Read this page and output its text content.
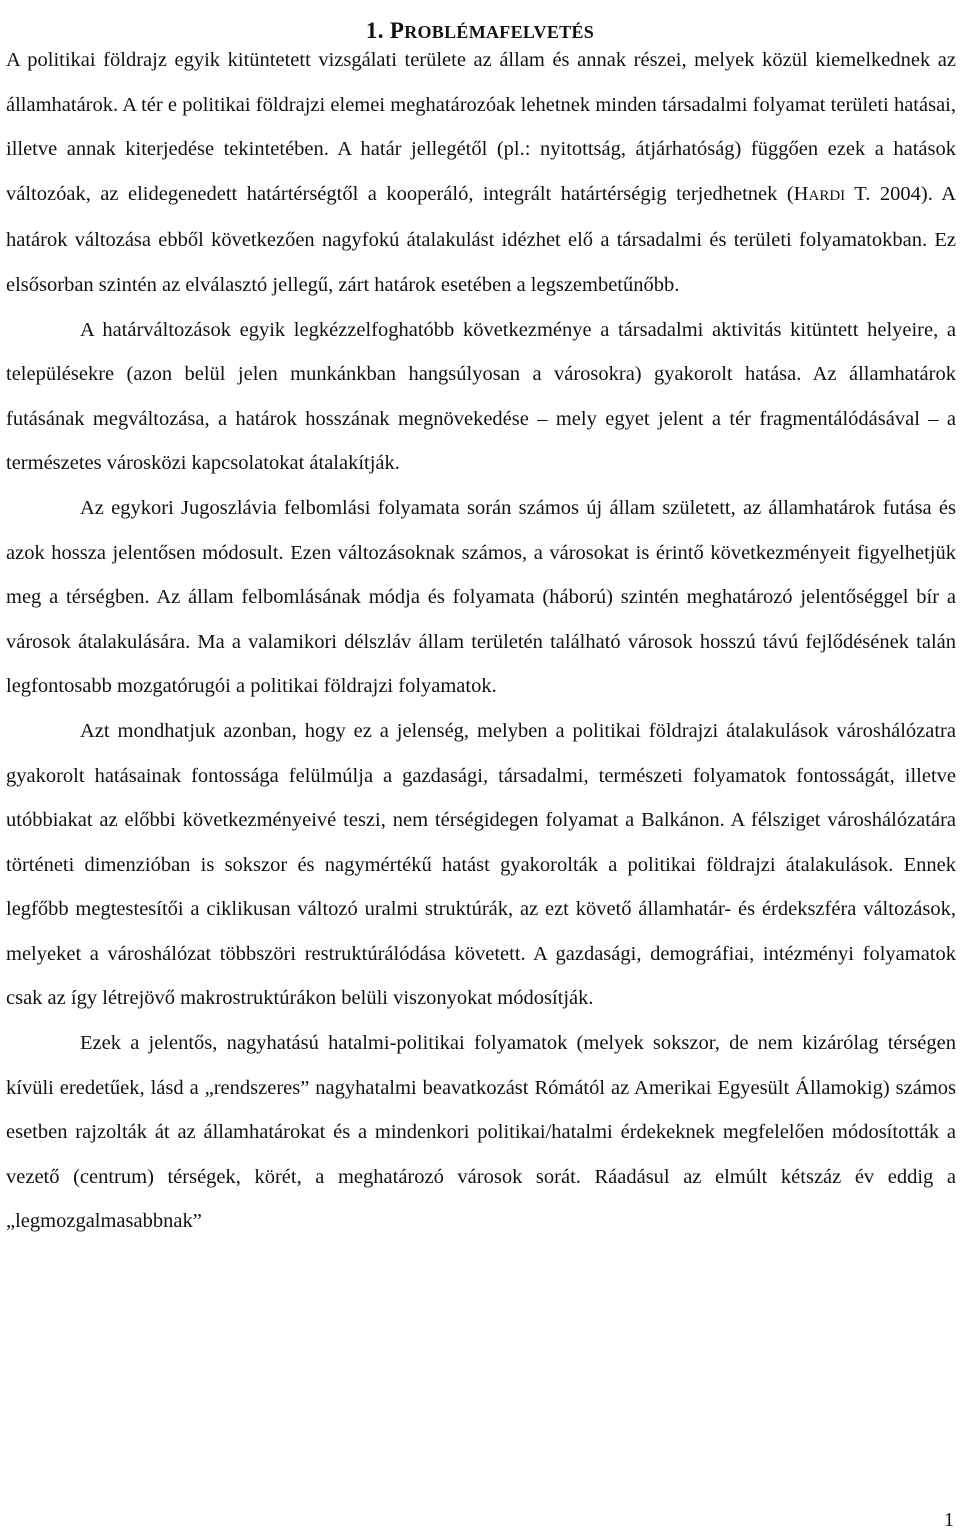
1. PROBLÉMAFELVETÉS

A politikai földrajz egyik kitüntetett vizsgálati területe az állam és annak részei, melyek közül kiemelkednek az államhatárok. A tér e politikai földrajzi elemei meghatározóak lehetnek minden társadalmi folyamat területi hatásai, illetve annak kiterjedése tekintetében. A határ jellegétől (pl.: nyitottság, átjárhatóság) függően ezek a hatások változóak, az elidegenedett határtérségtől a kooperáló, integrált határtérségig terjedhetnek (HARDI T. 2004). A határok változása ebből következően nagyfokú átalakulást idézhet elő a társadalmi és területi folyamatokban. Ez elsősorban szintén az elválasztó jellegű, zárt határok esetében a legszembetűnőbb.

A határváltozások egyik legkézzelfoghatóbb következménye a társadalmi aktivitás kitüntett helyeire, a településekre (azon belül jelen munkánkban hangsúlyosan a városokra) gyakorolt hatása. Az államhatárok futásának megváltozása, a határok hosszának megnövekedése – mely egyet jelent a tér fragmentálódásával – a természetes városközi kapcsolatokat átalakítják.

Az egykori Jugoszlávia felbomlási folyamata során számos új állam született, az államhatárok futása és azok hossza jelentősen módosult. Ezen változásoknak számos, a városokat is érintő következményeit figyelhetjük meg a térségben. Az állam felbomlásának módja és folyamata (háború) szintén meghatározó jelentőséggel bír a városok átalakulására. Ma a valamikori délszláv állam területén található városok hosszú távú fejlődésének talán legfontosabb mozgatórugói a politikai földrajzi folyamatok.

Azt mondhatjuk azonban, hogy ez a jelenség, melyben a politikai földrajzi átalakulások városhálózatra gyakorolt hatásainak fontossága felülmúlja a gazdasági, társadalmi, természeti folyamatok fontosságát, illetve utóbbiakat az előbbi következményeivé teszi, nem térségidegen folyamat a Balkánon. A félsziget városhálózatára történeti dimenzióban is sokszor és nagymértékű hatást gyakorolták a politikai földrajzi átalakulások. Ennek legfőbb megtestesítői a ciklikusan változó uralmi struktúrák, az ezt követő államhatár- és érdekszféra változások, melyeket a városhálózat többszöri restruktúrálódása követett. A gazdasági, demográfiai, intézményi folyamatok csak az így létrejövő makrostruktúrákon belüli viszonyokat módosítják.

Ezek a jelentős, nagyhatású hatalmi-politikai folyamatok (melyek sokszor, de nem kizárólag térségen kívüli eredetűek, lásd a „rendszeres” nagyhatalmi beavatkozást Rómától az Amerikai Egyesült Államokig) számos esetben rajzolták át az államhatárokat és a mindenkori politikai/hatalmi érdekeknek megfelelően módosították a vezető (centrum) térségek, körét, a meghatározó városok sorát. Ráadásul az elmúlt kétszáz év eddig a „legmozgalmasabbnak”

1
